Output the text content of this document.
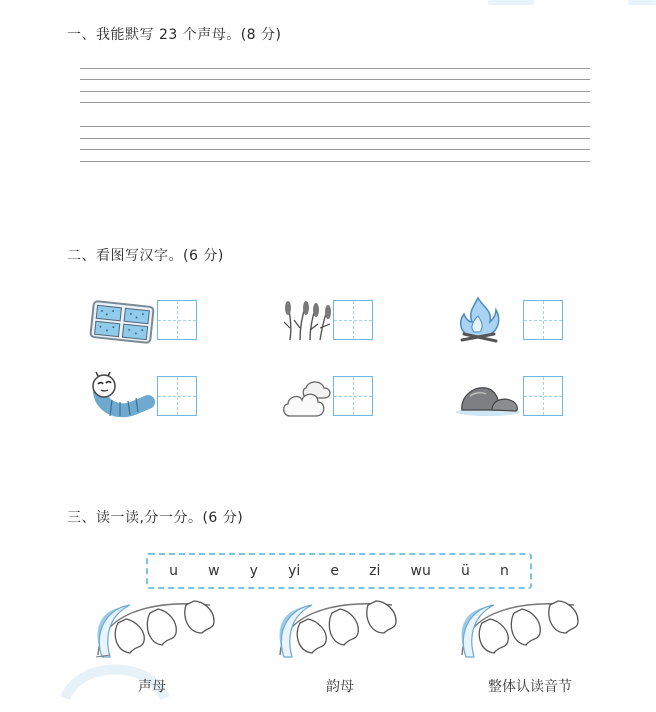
一、我能默写 23 个声母。(8 分)
二、看图写汉字。(6 分)
三、读一读,分一分。(6 分)
u w y yi e zi wu ü n
声母	韵母	整体认读音节
